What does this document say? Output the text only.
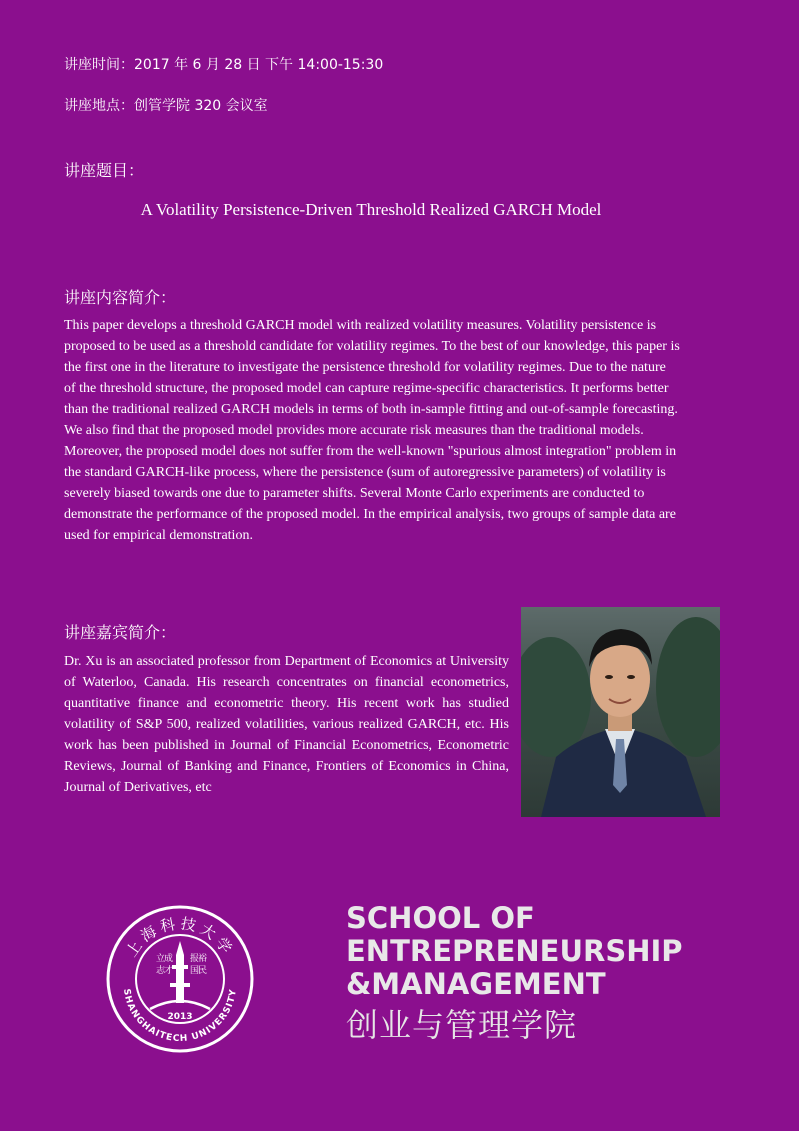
讲座时间：2017 年 6 月 28 日 下午 14:00-15:30
讲座地点：创管学院 320 会议室
讲座题目：
A Volatility Persistence-Driven Threshold Realized GARCH Model
讲座内容简介：

This paper develops a threshold GARCH model with realized volatility measures. Volatility persistence is proposed to be used as a threshold candidate for volatility regimes. To the best of our knowledge, this paper is the first one in the literature to investigate the persistence threshold for volatility regimes. Due to the nature of the threshold structure, the proposed model can capture regime-specific characteristics. It performs better than the traditional realized GARCH models in terms of both in-sample fitting and out-of-sample forecasting. We also find that the proposed model provides more accurate risk measures than the traditional models. Moreover, the proposed model does not suffer from the well-known "spurious almost integration" problem in the standard GARCH-like process, where the persistence (sum of autoregressive parameters) of volatility is severely biased towards one due to parameter shifts. Several Monte Carlo experiments are conducted to demonstrate the performance of the proposed model. In the empirical analysis, two groups of sample data are used for empirical demonstration.

讲座嘉宾简介：

Dr. Xu is an associated professor from Department of Economics at University of Waterloo, Canada. His research concentrates on financial econometrics, quantitative finance and econometric theory. His recent work has studied volatility of S&P 500, realized volatilities, various realized GARCH, etc. His work has been published in Journal of Financial Econometrics, Econometric Reviews, Journal of Banking and Finance, Frontiers of Economics in China, Journal of Derivatives, etc

上海科技大学
SHANGHAITECH UNIVERSITY
立
成 报
裕
志
才 国
民
2013
SCHOOL OF
ENTREPRENEURSHIP
&MANAGEMENT
创业与管理学院
